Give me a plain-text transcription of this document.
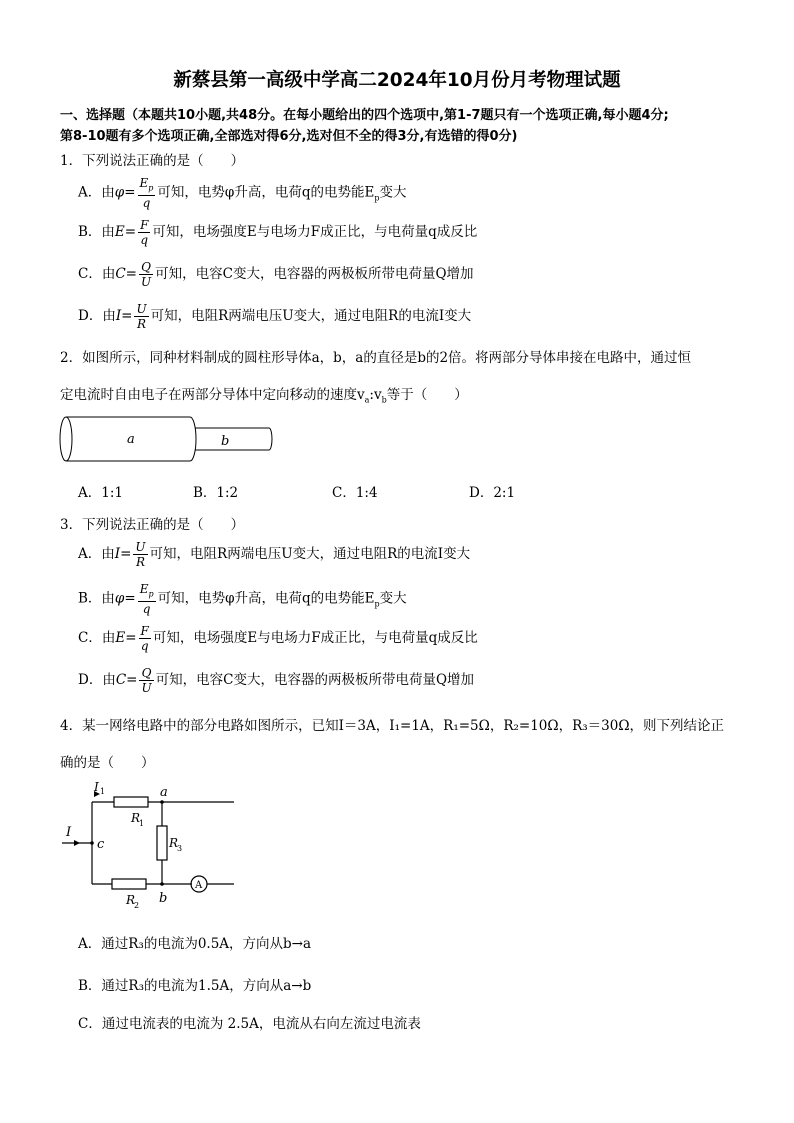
新蔡县第一高级中学高二2024年10月份月考物理试题
一、选择题（本题共10小题,共48分。在每小题给出的四个选项中,第1-7题只有一个选项正确,每小题4分;
第8-10题有多个选项正确,全部选对得6分,选对但不全的得3分,有选错的得0分)
1．下列说法正确的是（　　）
A．由$\varphi= \frac{E_p}{q}$ 可知，电势φ升高，电荷q的电势能$E_p$变大
B．由$E= \frac{F}{q}$ 可知，电场强度E与电场力F成正比，与电荷量q成反比
C．由$C= \frac{Q}{U}$ 可知，电容C变大，电容器的两极板所带电荷量Q增加
D．由$I= \frac{U}{R}$ 可知，电阻R两端电压U变大，通过电阻R的电流I变大
2．如图所示，同种材料制成的圆柱形导体a，b，a的直径是b的2倍。将两部分导体串接在电路中，通过恒
定电流时自由电子在两部分导体中定向移动的速度$v_a:v_b$等于（　　）
a	b
A．1:1	B．1:2	C．1:4	D．2:1
3．下列说法正确的是（　　）
A．由$I= \frac{U}{R}$ 可知，电阻R两端电压U变大，通过电阻R的电流I变大
B．由$\varphi= \frac{E_p}{q}$ 可知，电势φ升高，电荷q的电势能$E_p$变大
C．由$E= \frac{F}{q}$ 可知，电场强度E与电场力F成正比，与电荷量q成反比
D．由$C= \frac{Q}{U}$ 可知，电容C变大，电容器的两极板所带电荷量Q增加
4．某一网络电路中的部分电路如图所示，已知I＝3A，I₁=1A，R₁=5Ω，R₂=10Ω，R₃＝30Ω，则下列结论正
确的是（　　）
I
I 1	a
b
c
R
1
R
2
R
3
A
A．通过R₃的电流为0.5A，方向从b→a
B．通过R₃的电流为1.5A，方向从a→b
C．通过电流表的电流为 2.5A，电流从右向左流过电流表
